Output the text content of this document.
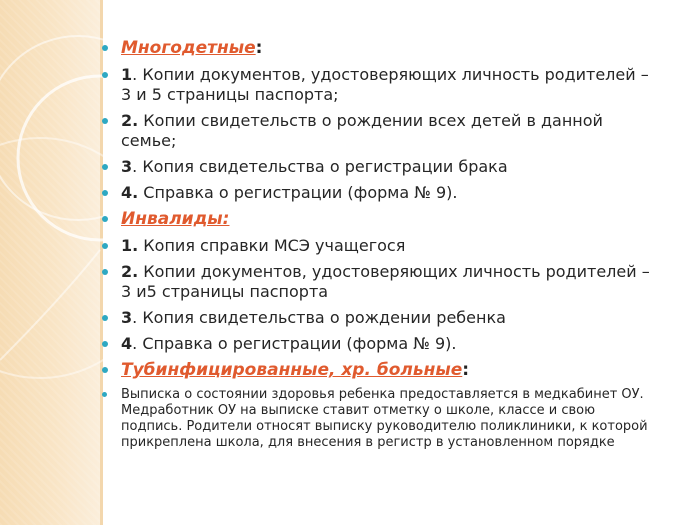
Многодетные:
1. Копии документов, удостоверяющих личность родителей – 3 и 5 страницы паспорта;
2. Копии свидетельств о рождении всех детей в данной семье;
3. Копия свидетельства о регистрации брака
4. Справка о регистрации (форма № 9).
Инвалиды:
1. Копия справки МСЭ учащегося
2. Копии документов, удостоверяющих личность родителей – 3 и5 страницы паспорта
3. Копия свидетельства о рождении ребенка
4. Справка о регистрации (форма № 9).
Тубинфицированные, хр. больные:
Выписка о состоянии здоровья ребенка предоставляется в медкабинет ОУ. Медработник ОУ на выписке ставит отметку о школе, классе и свою подпись. Родители относят выписку руководителю поликлиники, к которой прикреплена школа, для внесения в регистр в установленном порядке
